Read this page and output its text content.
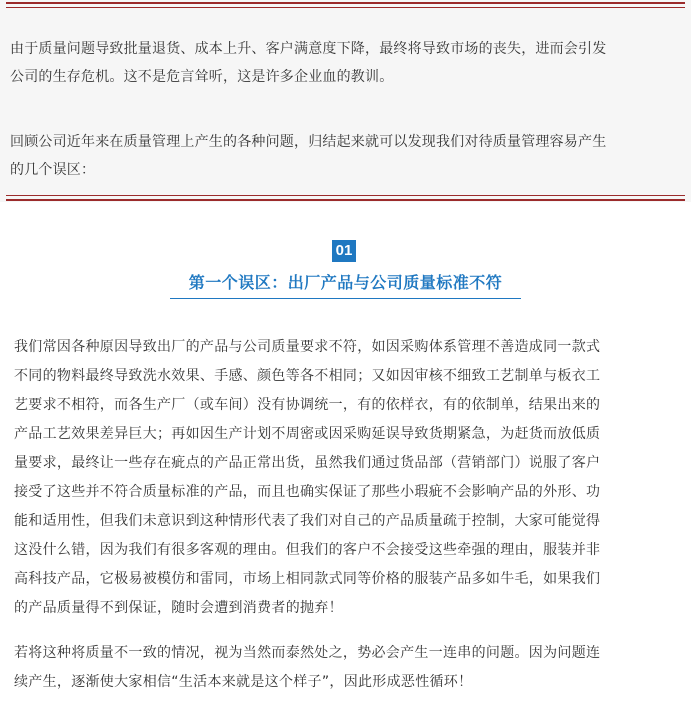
由于质量问题导致批量退货、成本上升、客户满意度下降，最终将导致市场的丧失，进而会引发
公司的生存危机。这不是危言耸听，这是许多企业血的教训。

回顾公司近年来在质量管理上产生的各种问题，归结起来就可以发现我们对待质量管理容易产生
的几个误区：

01
第一个误区：出厂产品与公司质量标准不符

我们常因各种原因导致出厂的产品与公司质量要求不符，如因采购体系管理不善造成同一款式
不同的物料最终导致洗水效果、手感、颜色等各不相同；又如因审核不细致工艺制单与板衣工
艺要求不相符，而各生产厂（或车间）没有协调统一，有的依样衣，有的依制单，结果出来的
产品工艺效果差异巨大；再如因生产计划不周密或因采购延误导致货期紧急，为赶货而放低质
量要求，最终让一些存在疵点的产品正常出货，虽然我们通过货品部（营销部门）说服了客户
接受了这些并不符合质量标准的产品，而且也确实保证了那些小瑕疵不会影响产品的外形、功
能和适用性，但我们未意识到这种情形代表了我们对自己的产品质量疏于控制，大家可能觉得
这没什么错，因为我们有很多客观的理由。但我们的客户不会接受这些牵强的理由，服装并非
高科技产品，它极易被模仿和雷同，市场上相同款式同等价格的服装产品多如牛毛，如果我们
的产品质量得不到保证，随时会遭到消费者的抛弃！

若将这种将质量不一致的情况，视为当然而泰然处之，势必会产生一连串的问题。因为问题连
续产生，逐渐使大家相信“生活本来就是这个样子”，因此形成恶性循环！
